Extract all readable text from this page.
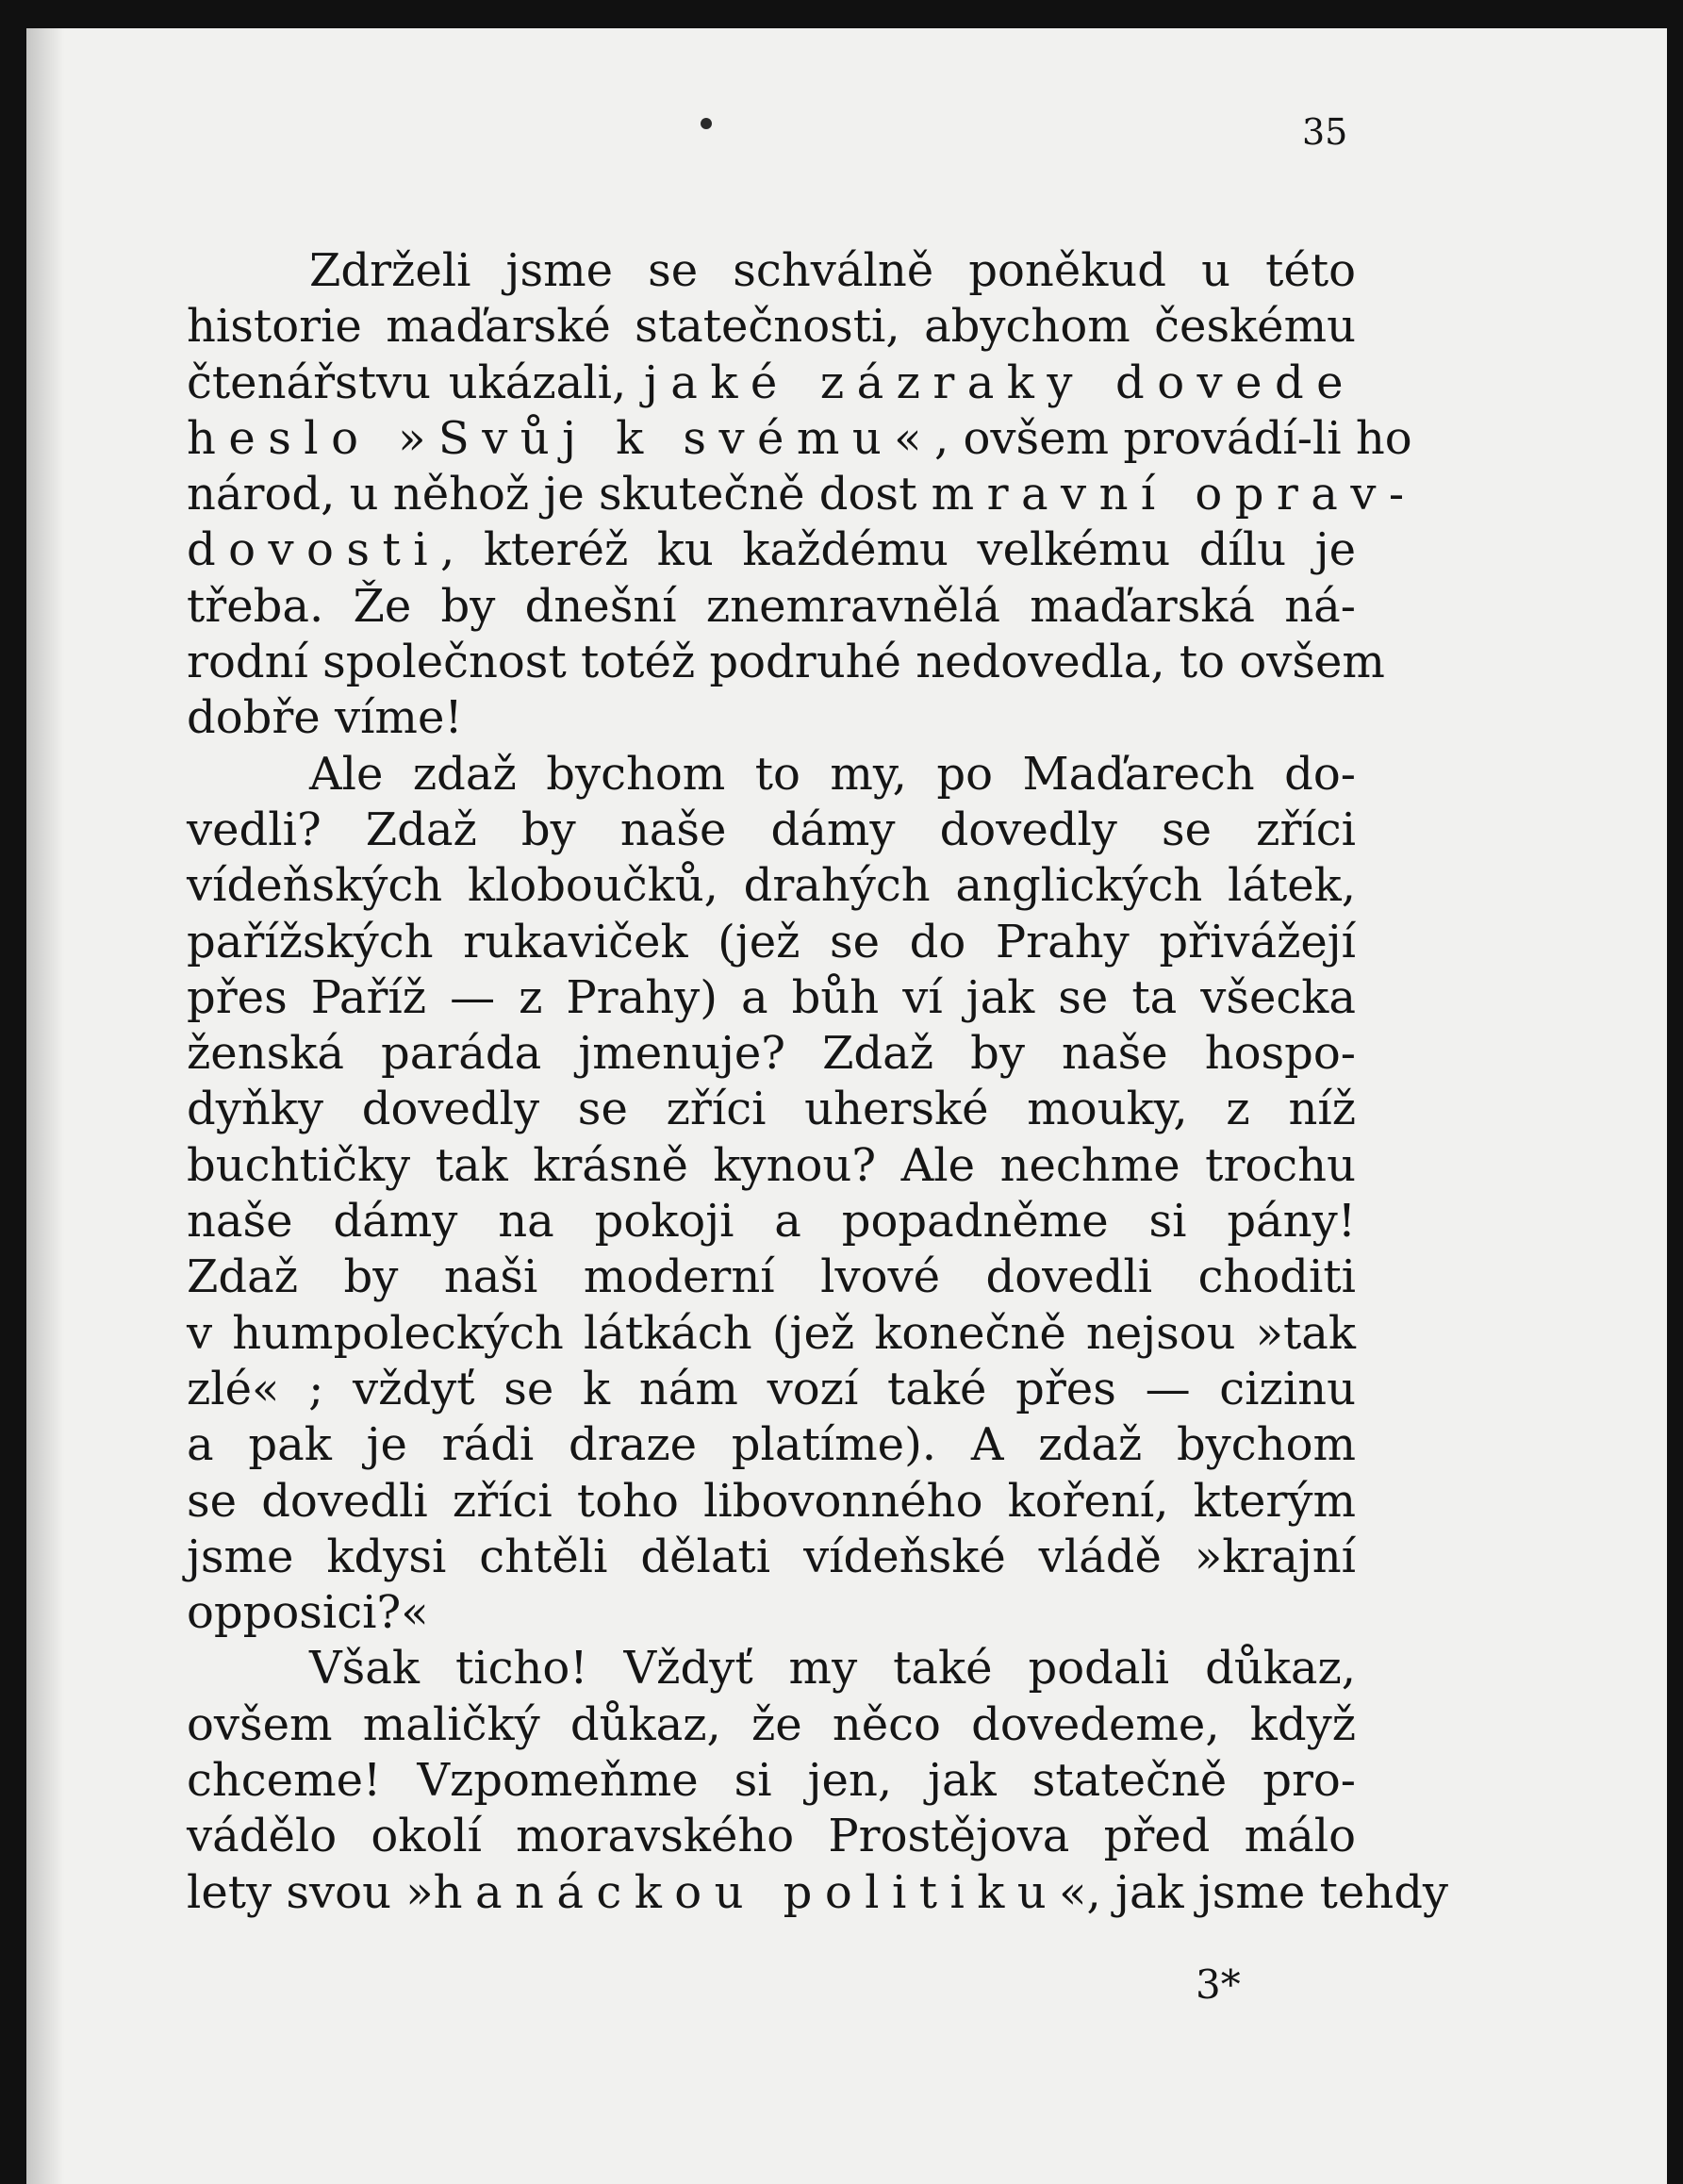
35

Zdrželi jsme se schválně poněkud u této
historie maďarské statečnosti, abychom českému
čtenářstvu ukázali, jaké zázraky dovede
heslo »Svůj k svému«, ovšem provádí-li ho
národ, u něhož je skutečně dost mravní oprav-
dovosti, kteréž ku každému velkému dílu je
třeba. Že by dnešní znemravnělá maďarská ná-
rodní společnost totéž podruhé nedovedla, to ovšem
dobře víme!
Ale zdaž bychom to my, po Maďarech do-
vedli? Zdaž by naše dámy dovedly se zříci
vídeňských kloboučků, drahých anglických látek,
pařížských rukaviček (jež se do Prahy přivážejí
přes Paříž — z Prahy) a bůh ví jak se ta všecka
ženská paráda jmenuje? Zdaž by naše hospo-
dyňky dovedly se zříci uherské mouky, z níž
buchtičky tak krásně kynou? Ale nechme trochu
naše dámy na pokoji a popadněme si pány!
Zdaž by naši moderní lvové dovedli choditi
v humpoleckých látkách (jež konečně nejsou »tak
zlé« ; vždyť se k nám vozí také přes — cizinu
a pak je rádi draze platíme). A zdaž bychom
se dovedli zříci toho libovonného koření, kterým
jsme kdysi chtěli dělati vídeňské vládě »krajní
opposici?«
Však ticho! Vždyť my také podali důkaz,
ovšem maličký důkaz, že něco dovedeme, když
chceme! Vzpomeňme si jen, jak statečně pro-
vádělo okolí moravského Prostějova před málo
lety svou »hanáckou politiku«, jak jsme tehdy

3*
